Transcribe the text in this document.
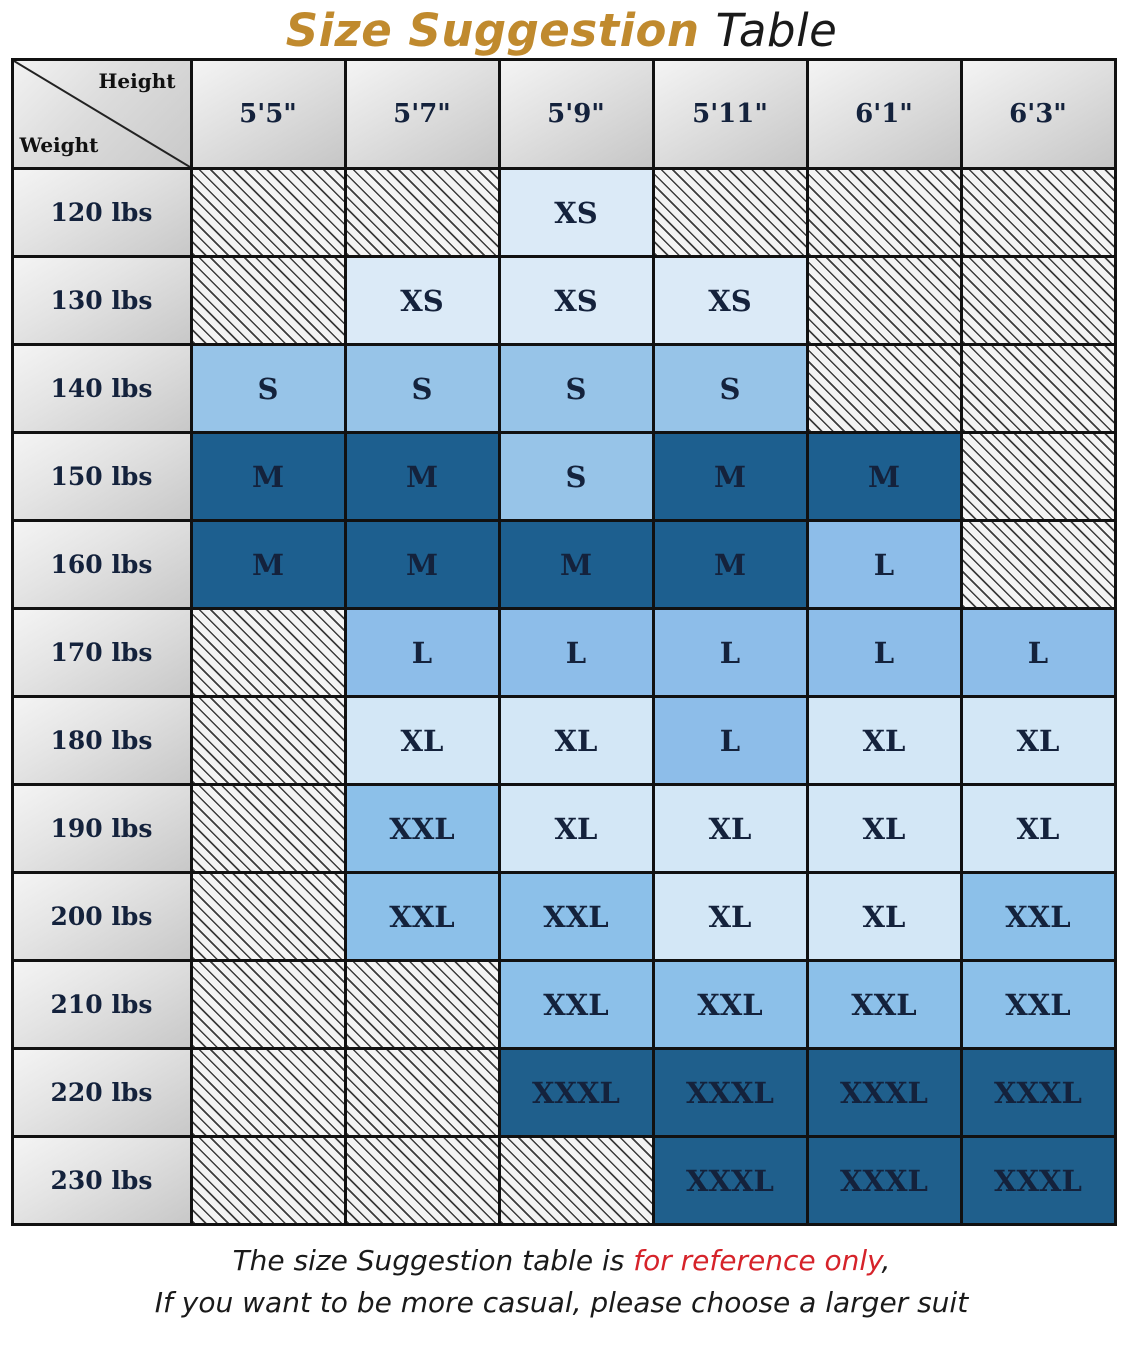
Size Suggestion Table
Height
Weight	5'5"	5'7"	5'9"	5'11"	6'1"	6'3"
120 lbs			XS			
130 lbs		XS	XS	XS		
140 lbs	S	S	S	S		
150 lbs	M	M	S	M	M	
160 lbs	M	M	M	M	L	
170 lbs		L	L	L	L	L
180 lbs		XL	XL	L	XL	XL
190 lbs		XXL	XL	XL	XL	XL
200 lbs		XXL	XXL	XL	XL	XXL
210 lbs			XXL	XXL	XXL	XXL
220 lbs			XXXL	XXXL	XXXL	XXXL
230 lbs				XXXL	XXXL	XXXL
The size Suggestion table is for reference only,
If you want to be more casual, please choose a larger suit
